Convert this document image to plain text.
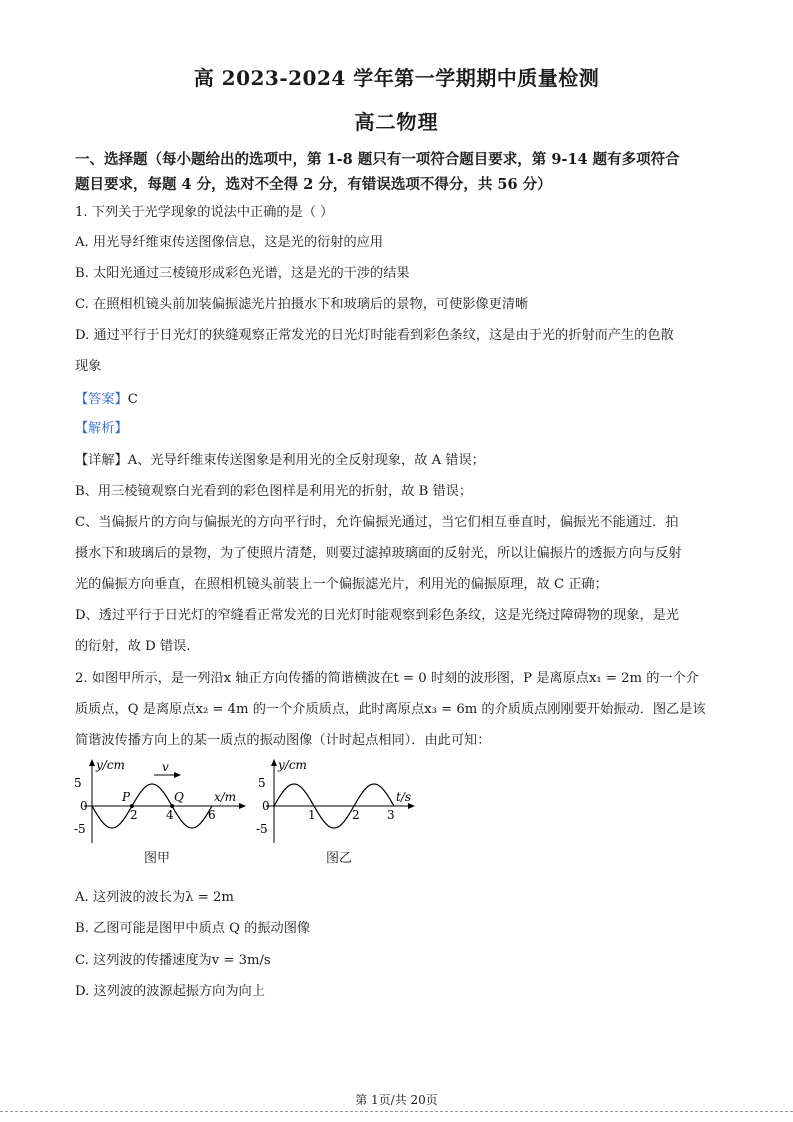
高 2023-2024 学年第一学期期中质量检测
高二物理
一、选择题（每小题给出的选项中，第 1-8 题只有一项符合题目要求，第 9-14 题有多项符合
题目要求，每题 4 分，选对不全得 2 分，有错误选项不得分，共 56 分）
1. 下列关于光学现象的说法中正确的是（ ）
A. 用光导纤维束传送图像信息，这是光的衍射的应用
B. 太阳光通过三棱镜形成彩色光谱，这是光的干涉的结果
C. 在照相机镜头前加装偏振滤光片拍摄水下和玻璃后的景物，可使影像更清晰
D. 通过平行于日光灯的狭缝观察正常发光的日光灯时能看到彩色条纹，这是由于光的折射而产生的色散
现象
【答案】C
【解析】
【详解】A、光导纤维束传送图象是利用光的全反射现象，故 A 错误；
B、用三棱镜观察白光看到的彩色图样是利用光的折射，故 B 错误；
C、当偏振片的方向与偏振光的方向平行时，允许偏振光通过，当它们相互垂直时，偏振光不能通过．拍
摄水下和玻璃后的景物，为了使照片清楚，则要过滤掉玻璃面的反射光，所以让偏振片的透振方向与反射
光的偏振方向垂直，在照相机镜头前装上一个偏振滤光片，利用光的偏振原理，故 C 正确；
D、透过平行于日光灯的窄缝看正常发光的日光灯时能观察到彩色条纹，这是光绕过障碍物的现象，是光
的衍射，故 D 错误.
2. 如图甲所示，是一列沿x 轴正方向传播的简谐横波在t = 0 时刻的波形图，P 是离原点x₁ = 2m 的一个介
质质点，Q 是离原点x₂ = 4m 的一个介质质点，此时离原点x₃ = 6m 的介质质点刚刚要开始振动．图乙是该
简谐波传播方向上的某一质点的振动图像（计时起点相同）．由此可知：
y/cm
x/m
5
0
-5
2 4	6
P	Q
v
图甲
y/cm
t/s
5
0
-5
1	2 3
图乙
A. 这列波的波长为λ = 2m
B. 乙图可能是图甲中质点 Q 的振动图像
C. 这列波的传播速度为v = 3m/s
D. 这列波的波源起振方向为向上
第 1页/共 20页
